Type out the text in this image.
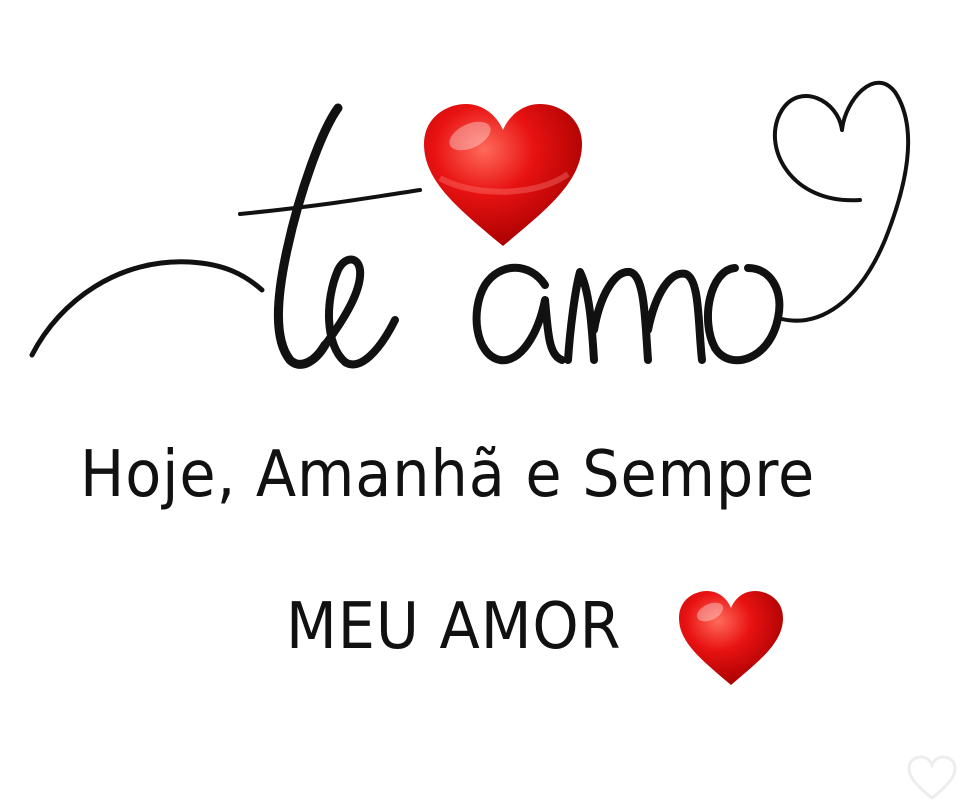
Hoje, Amanhã e Sempre
MEU AMOR
